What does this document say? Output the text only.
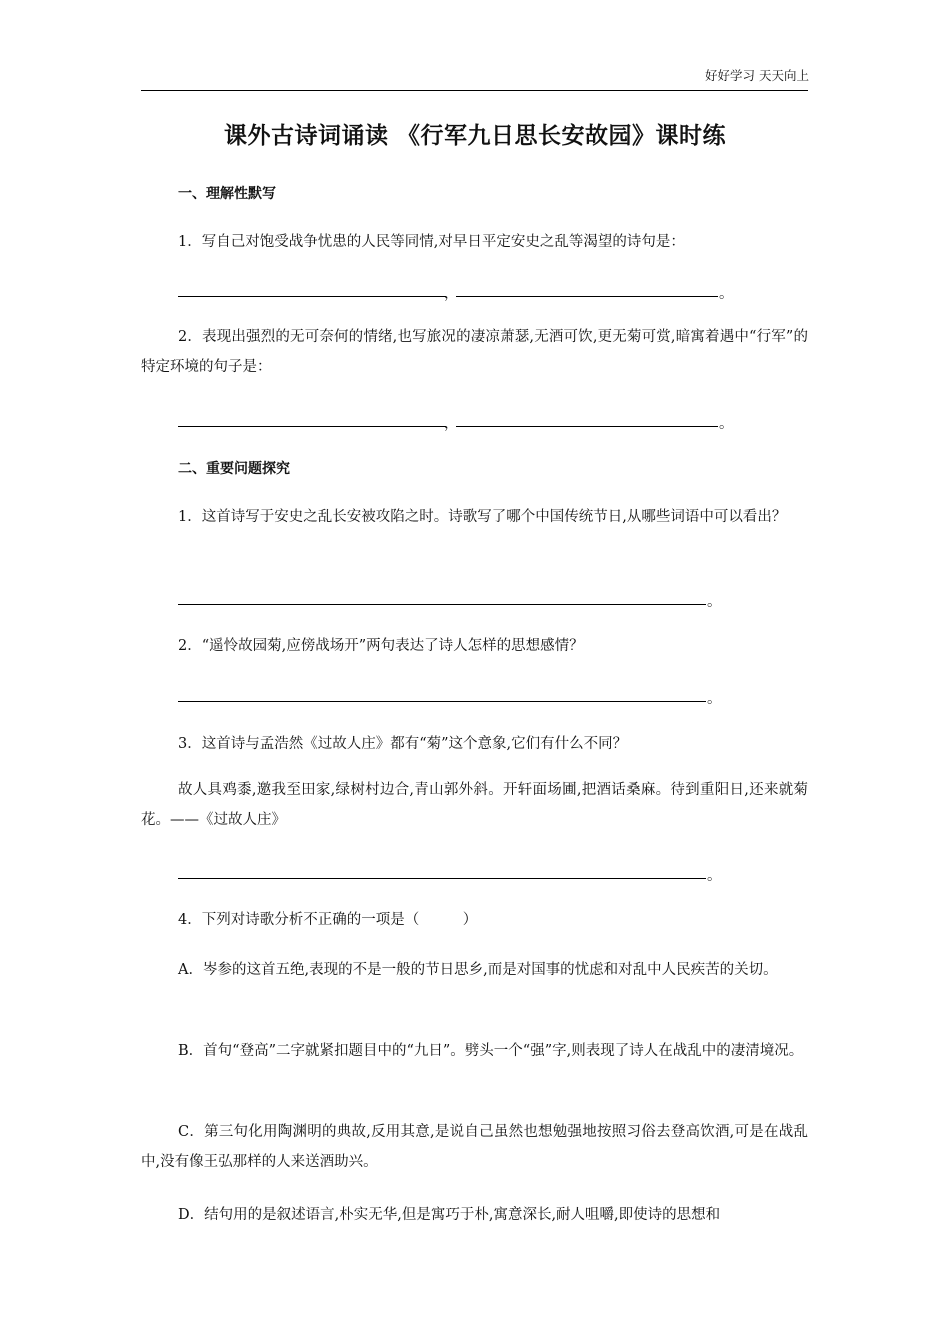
好好学习 天天向上
课外古诗词诵读 《行军九日思长安故园》课时练
一、理解性默写

1．写自己对饱受战争忧患的人民等同情,对早日平定安史之乱等渴望的诗句是：

，	。

2．表现出强烈的无可奈何的情绪,也写旅况的凄凉萧瑟,无酒可饮,更无菊可赏,暗寓着遇中“行军”的特定环境的句子是：

，	。
二、重要问题探究

1．这首诗写于安史之乱长安被攻陷之时。诗歌写了哪个中国传统节日,从哪些词语中可以看出？

。

2．“遥怜故园菊,应傍战场开”两句表达了诗人怎样的思想感情？

。

3．这首诗与孟浩然《过故人庄》都有“菊”这个意象,它们有什么不同？

故人具鸡黍,邀我至田家,绿树村边合,青山郭外斜。开轩面场圃,把酒话桑麻。待到重阳日,还来就菊花。——《过故人庄》

。

4．下列对诗歌分析不正确的一项是（　　　）

A．岑参的这首五绝,表现的不是一般的节日思乡,而是对国事的忧虑和对乱中人民疾苦的关切。

B．首句“登高”二字就紧扣题目中的“九日”。劈头一个“强”字,则表现了诗人在战乱中的凄清境况。

C．第三句化用陶渊明的典故,反用其意,是说自己虽然也想勉强地按照习俗去登高饮酒,可是在战乱中,没有像王弘那样的人来送酒助兴。

D．结句用的是叙述语言,朴实无华,但是寓巧于朴,寓意深长,耐人咀嚼,即使诗的思想和
